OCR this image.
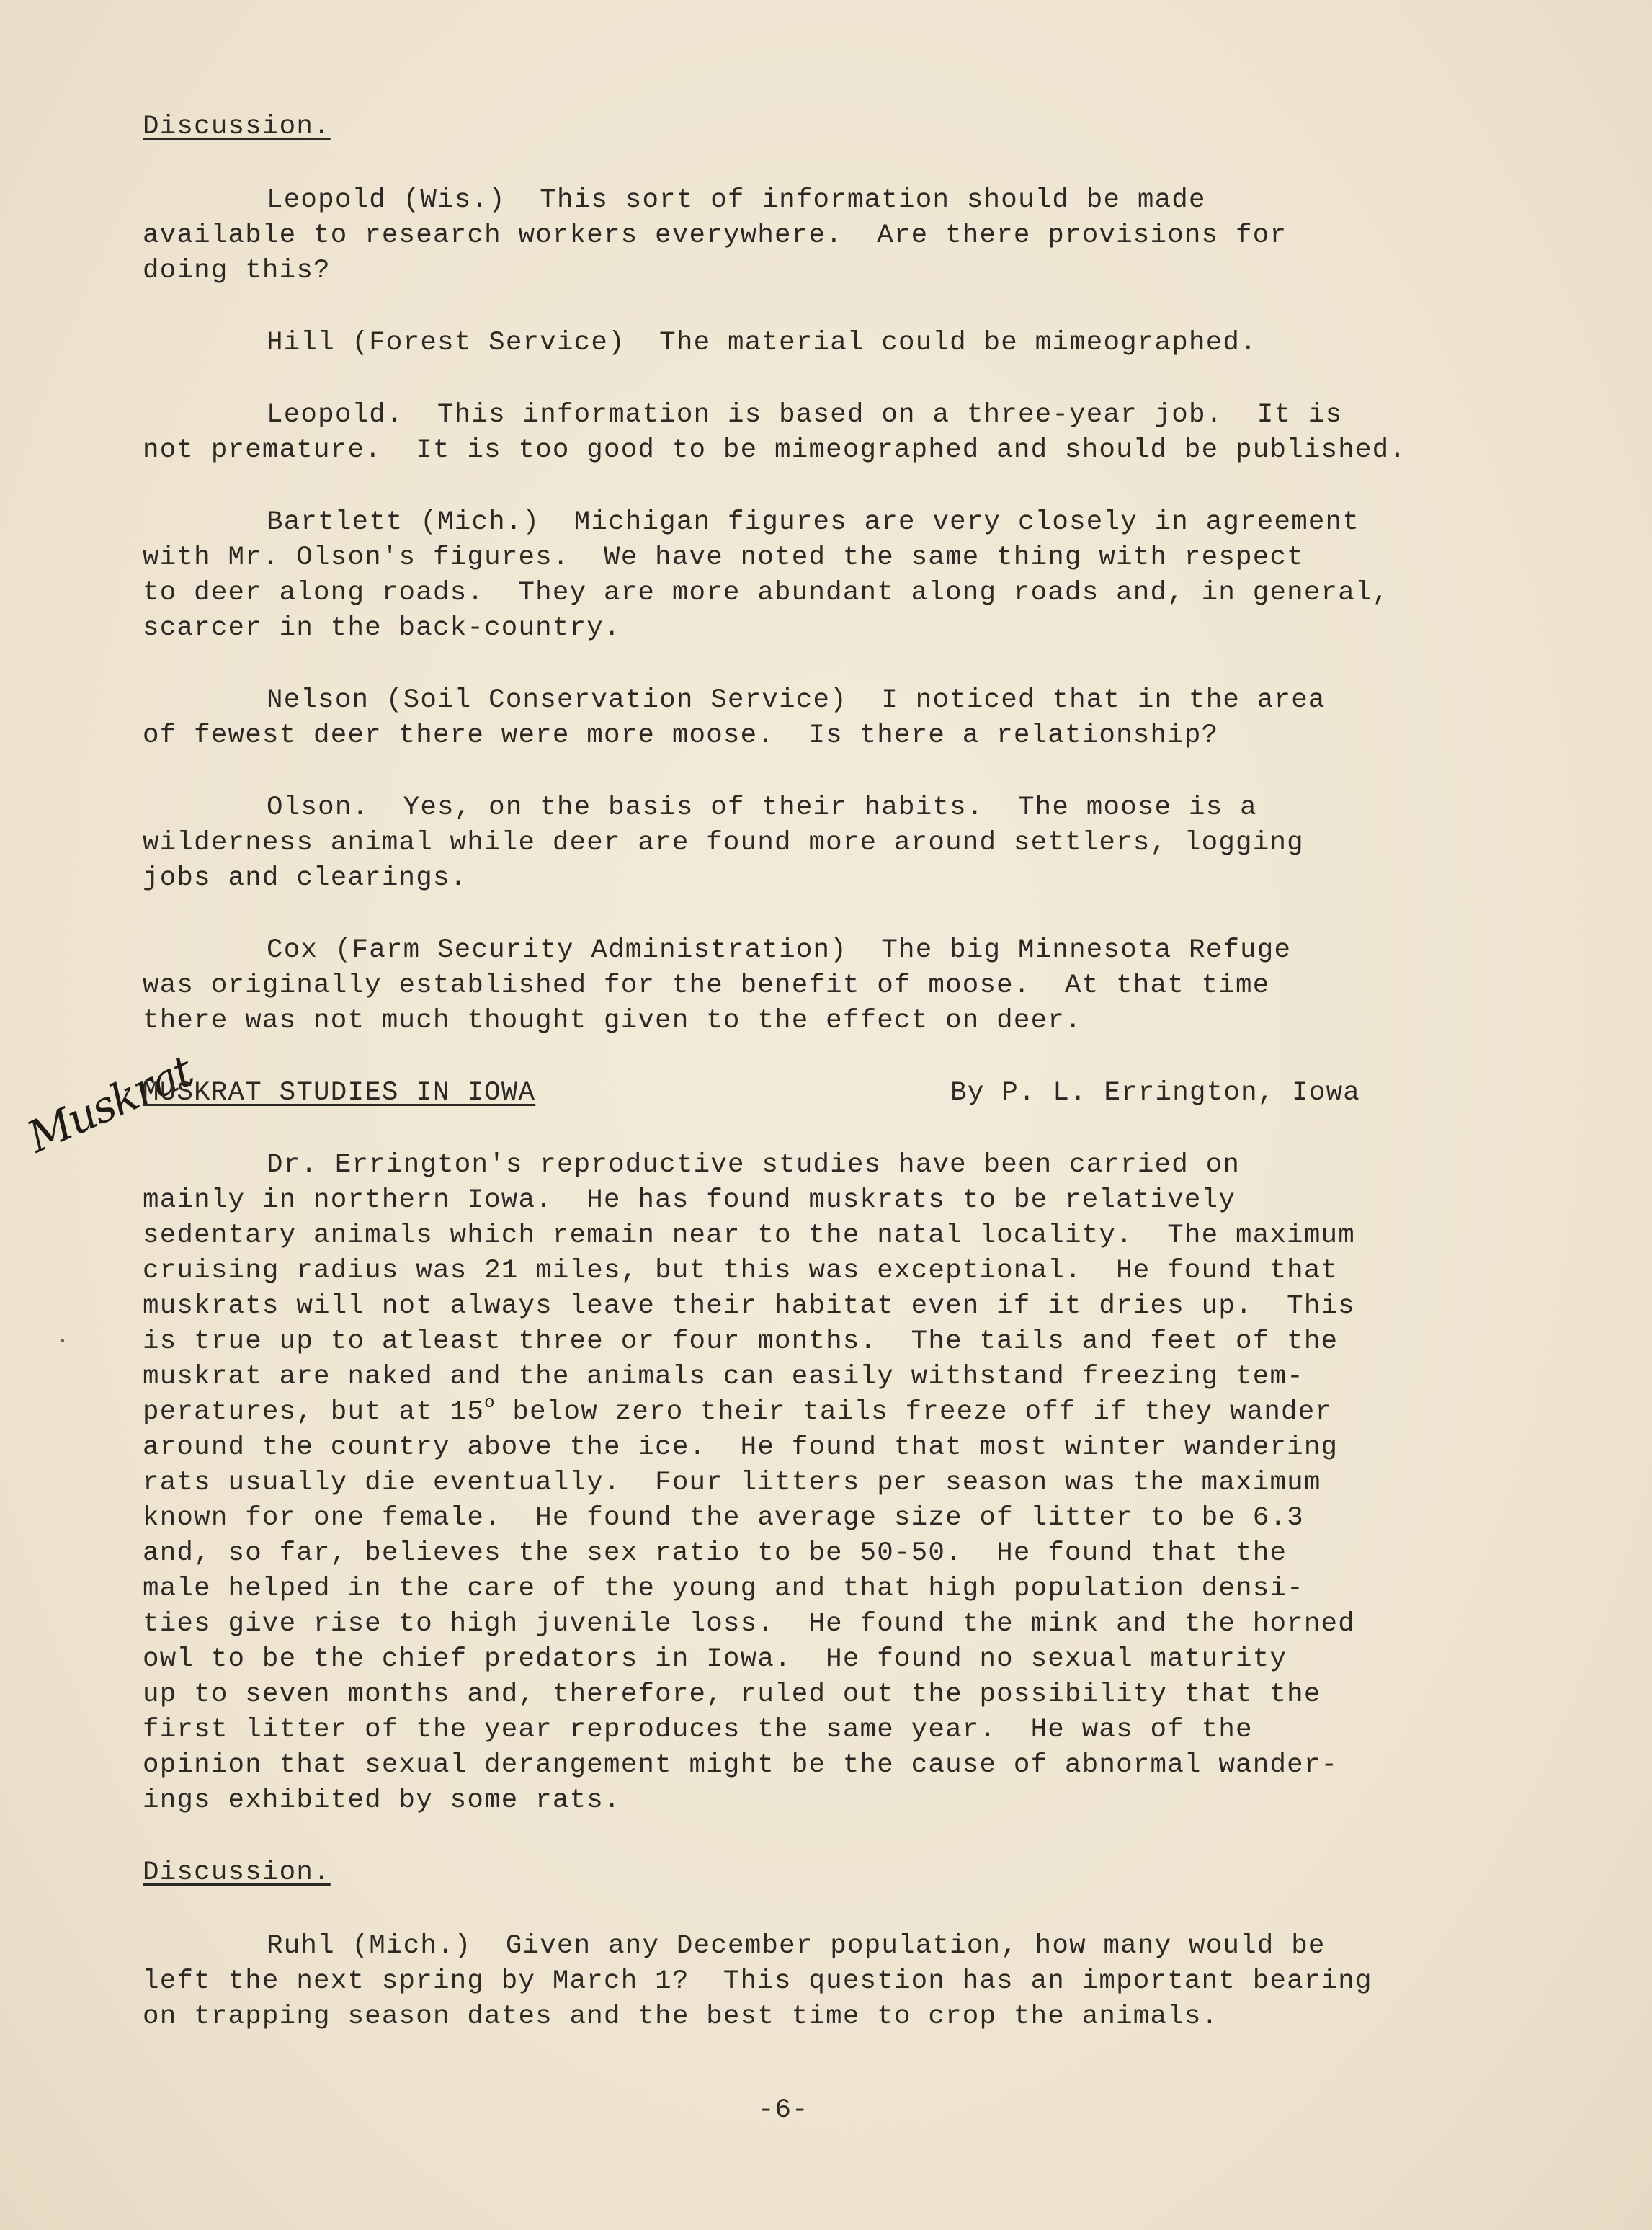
Muskrat
Discussion.
Leopold (Wis.)  This sort of information should be made
available to research workers everywhere.  Are there provisions for
doing this?
Hill (Forest Service)  The material could be mimeographed.
Leopold.  This information is based on a three-year job.  It is
not premature.  It is too good to be mimeographed and should be published.
Bartlett (Mich.)  Michigan figures are very closely in agreement
with Mr. Olson's figures.  We have noted the same thing with respect
to deer along roads.  They are more abundant along roads and, in general,
scarcer in the back-country.
Nelson (Soil Conservation Service)  I noticed that in the area
of fewest deer there were more moose.  Is there a relationship?
Olson.  Yes, on the basis of their habits.  The moose is a
wilderness animal while deer are found more around settlers, logging
jobs and clearings.
Cox (Farm Security Administration)  The big Minnesota Refuge
was originally established for the benefit of moose.  At that time
there was not much thought given to the effect on deer.
MUSKRAT STUDIES IN IOWA	By P. L. Errington, Iowa
Dr. Errington's reproductive studies have been carried on
mainly in northern Iowa.  He has found muskrats to be relatively
sedentary animals which remain near to the natal locality.  The maximum
cruising radius was 21 miles, but this was exceptional.  He found that
muskrats will not always leave their habitat even if it dries up.  This
is true up to atleast three or four months.  The tails and feet of the
muskrat are naked and the animals can easily withstand freezing tem-
peratures, but at 15$^o$ below zero their tails freeze off if they wander
around the country above the ice.  He found that most winter wandering
rats usually die eventually.  Four litters per season was the maximum
known for one female.  He found the average size of litter to be 6.3
and, so far, believes the sex ratio to be 50-50.  He found that the
male helped in the care of the young and that high population densi-
ties give rise to high juvenile loss.  He found the mink and the horned
owl to be the chief predators in Iowa.  He found no sexual maturity
up to seven months and, therefore, ruled out the possibility that the
first litter of the year reproduces the same year.  He was of the
opinion that sexual derangement might be the cause of abnormal wander-
ings exhibited by some rats.
Discussion.
Ruhl (Mich.)  Given any December population, how many would be
left the next spring by March 1?  This question has an important bearing
on trapping season dates and the best time to crop the animals.
-6-
